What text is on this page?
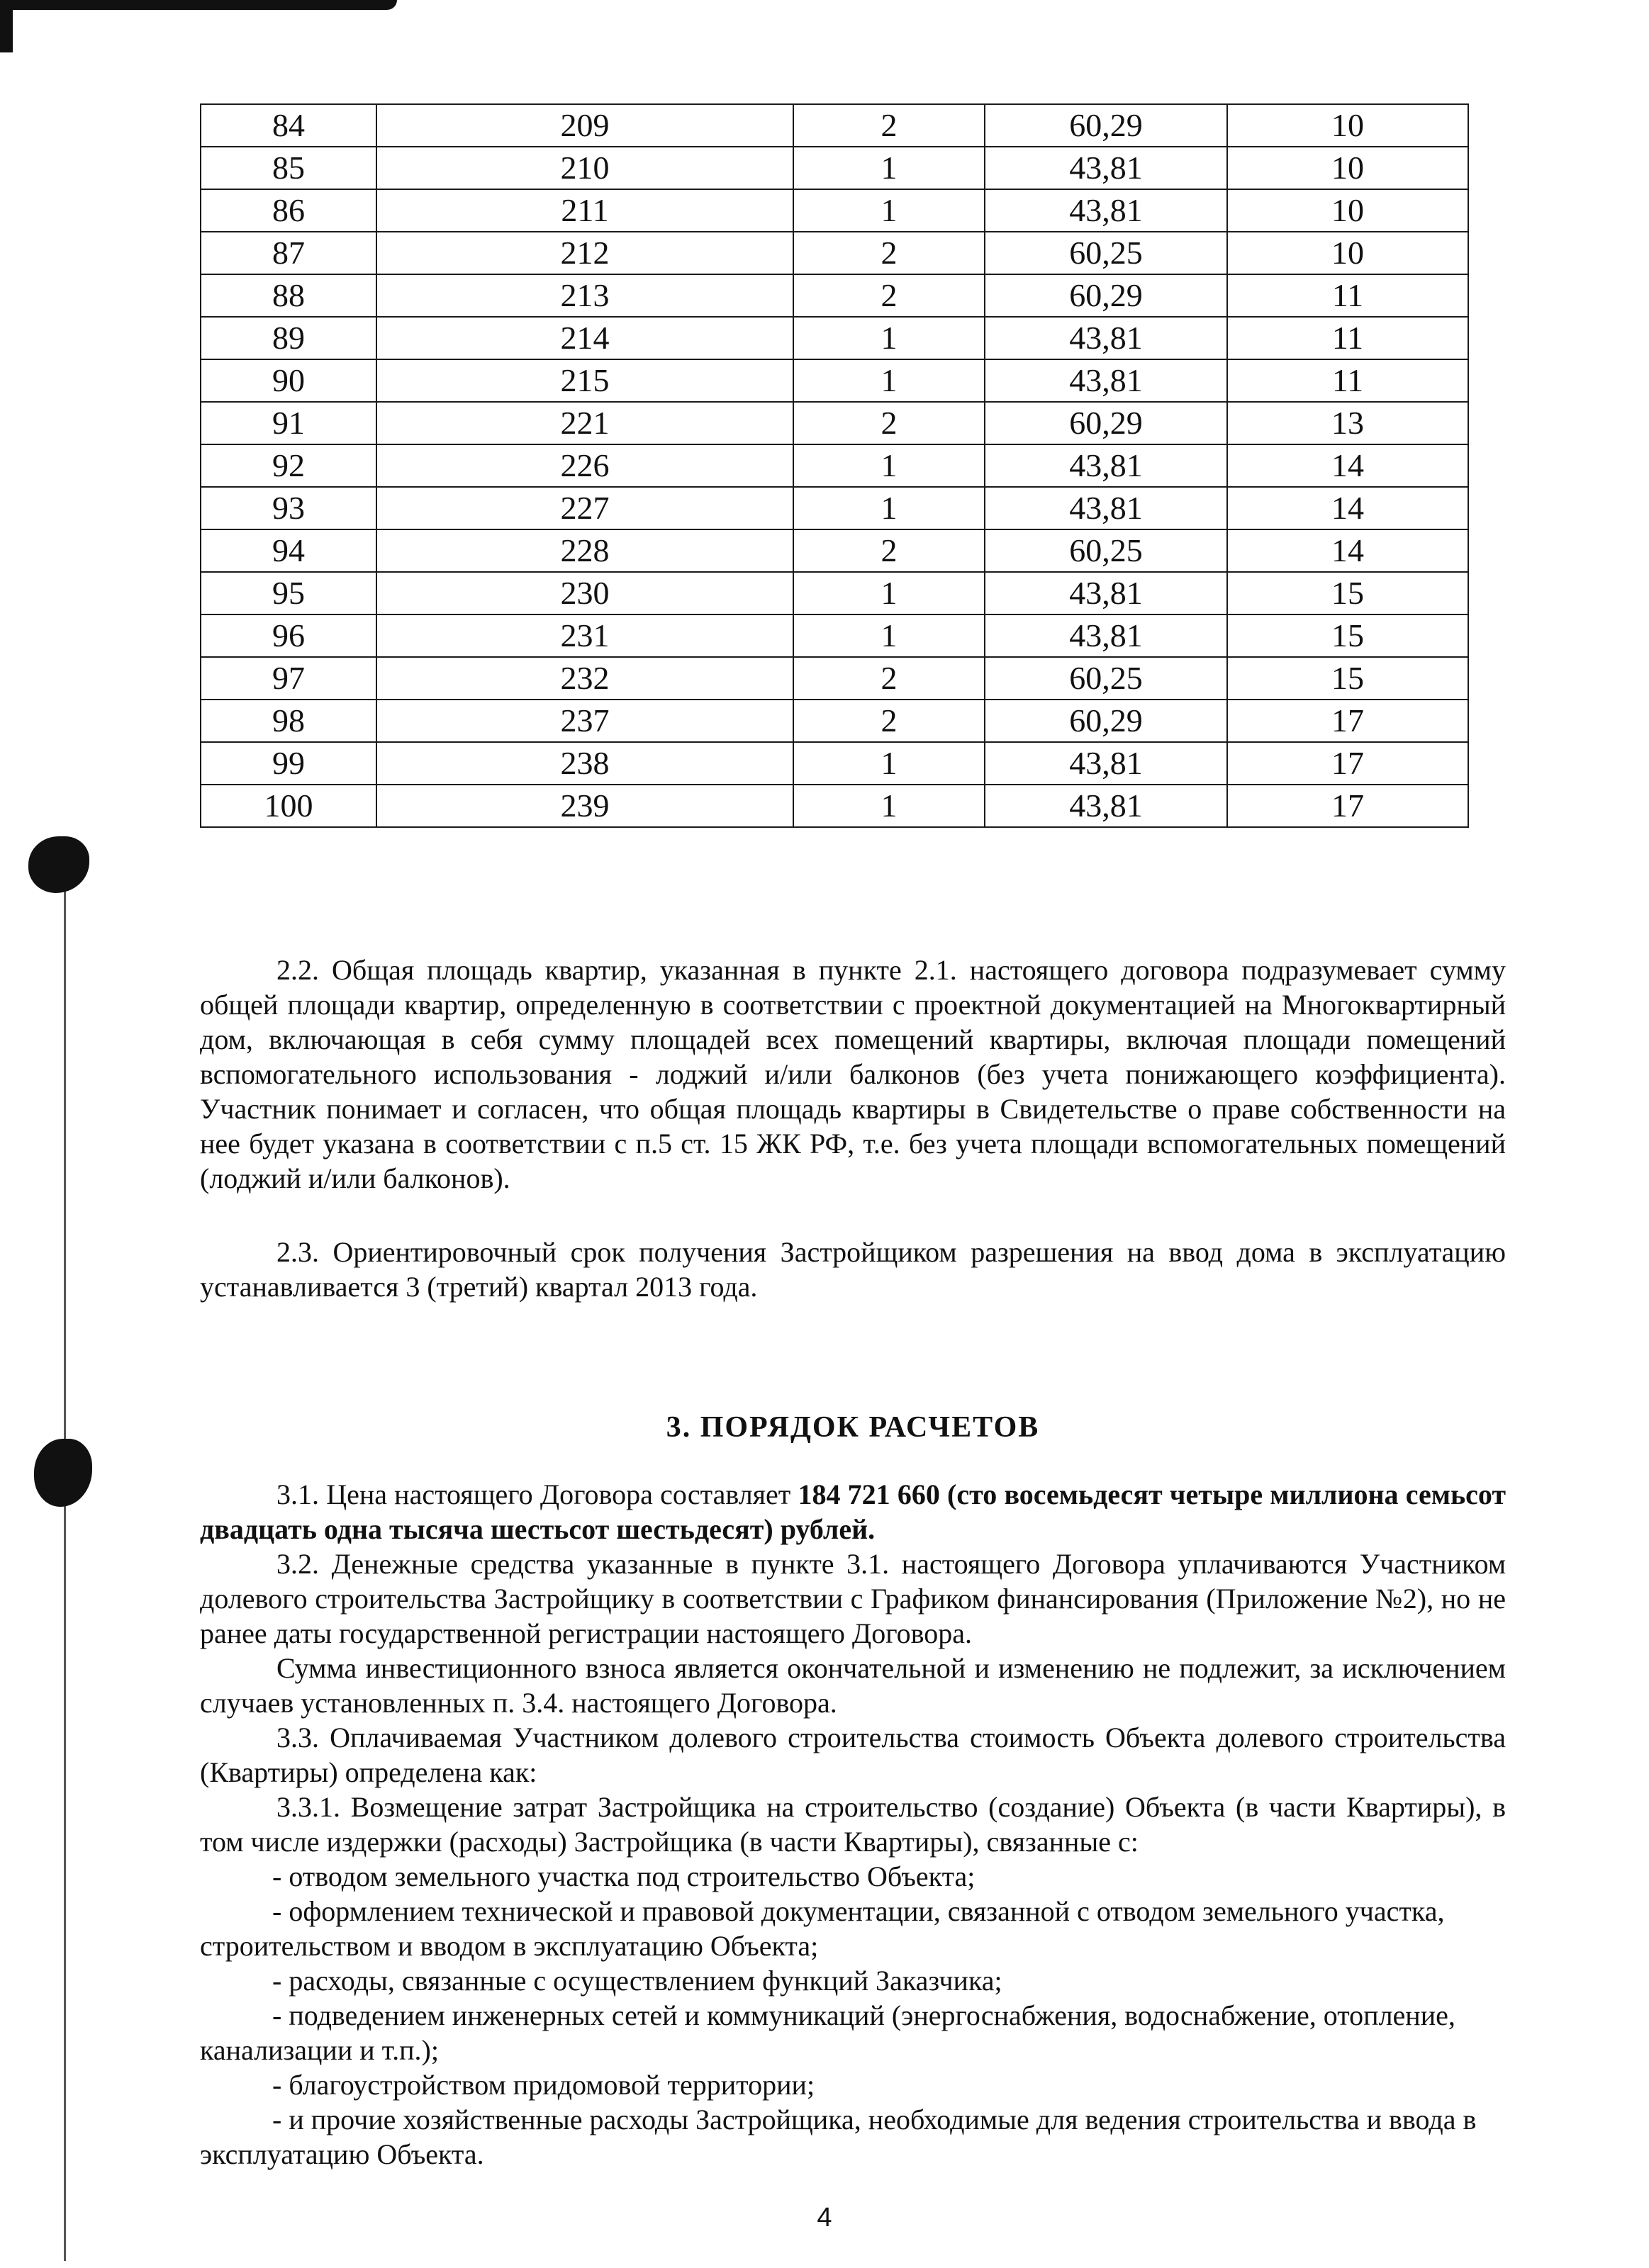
84	209	2	60,29	10
85	210	1	43,81	10
86	211	1	43,81	10
87	212	2	60,25	10
88	213	2	60,29	11
89	214	1	43,81	11
90	215	1	43,81	11
91	221	2	60,29	13
92	226	1	43,81	14
93	227	1	43,81	14
94	228	2	60,25	14
95	230	1	43,81	15
96	231	1	43,81	15
97	232	2	60,25	15
98	237	2	60,29	17
99	238	1	43,81	17
100	239	1	43,81	17

2.2. Общая площадь квартир, указанная в пункте 2.1. настоящего договора подразумевает сумму общей площади квартир, определенную в соответствии с проектной документацией на Многоквартирный дом, включающая в себя сумму площадей всех помещений квартиры, включая площади помещений вспомогательного использования - лоджий и/или балконов (без учета понижающего коэффициента). Участник понимает и согласен, что общая площадь квартиры в Свидетельстве о праве собственности на нее будет указана в соответствии с п.5 ст. 15 ЖК РФ, т.е. без учета площади вспомогательных помещений (лоджий и/или балконов).

2.3. Ориентировочный срок получения Застройщиком разрешения на ввод дома в эксплуатацию устанавливается 3 (третий) квартал 2013 года.

3. ПОРЯДОК РАСЧЕТОВ

3.1. Цена настоящего Договора составляет 184 721 660 (сто восемьдесят четыре миллиона семьсот двадцать одна тысяча шестьсот шестьдесят) рублей.

3.2. Денежные средства указанные в пункте 3.1. настоящего Договора уплачиваются Участником долевого строительства Застройщику в соответствии с Графиком финансирования (Приложение №2), но не ранее даты государственной регистрации настоящего Договора.

Сумма инвестиционного взноса является окончательной и изменению не подлежит, за исключением случаев установленных п. 3.4. настоящего Договора.

3.3. Оплачиваемая Участником долевого строительства стоимость Объекта долевого строительства (Квартиры) определена как:

3.3.1. Возмещение затрат Застройщика на строительство (создание) Объекта (в части Квартиры), в том числе издержки (расходы) Застройщика (в части Квартиры), связанные с:

- отводом земельного участка под строительство Объекта;

- оформлением технической и правовой документации, связанной с отводом земельного участка, строительством и вводом в эксплуатацию Объекта;

- расходы, связанные с осуществлением функций Заказчика;

- подведением инженерных сетей и коммуникаций (энергоснабжения, водоснабжение, отопление, канализации и т.п.);

- благоустройством придомовой территории;

- и прочие хозяйственные расходы Застройщика, необходимые для ведения строительства и ввода в эксплуатацию Объекта.

4
